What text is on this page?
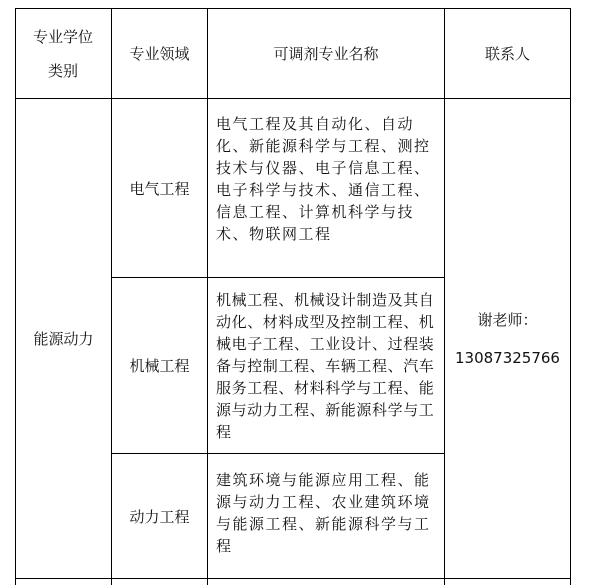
专业学位类别
专业领域	可调剂专业名称	联系人
能源动力
电气工程
电气工程及其自动化、自动化、新能源科学与工程、测控技术与仪器、电子信息工程、电子科学与技术、通信工程、信息工程、计算机科学与技术、物联网工程
机械工程
机械工程、机械设计制造及其自动化、材料成型及控制工程、机械电子工程、工业设计、过程装备与控制工程、车辆工程、汽车服务工程、材料科学与工程、能源与动力工程、新能源科学与工程
动力工程
建筑环境与能源应用工程、能源与动力工程、农业建筑环境与能源工程、新能源科学与工程
谢老师：
13087325766
